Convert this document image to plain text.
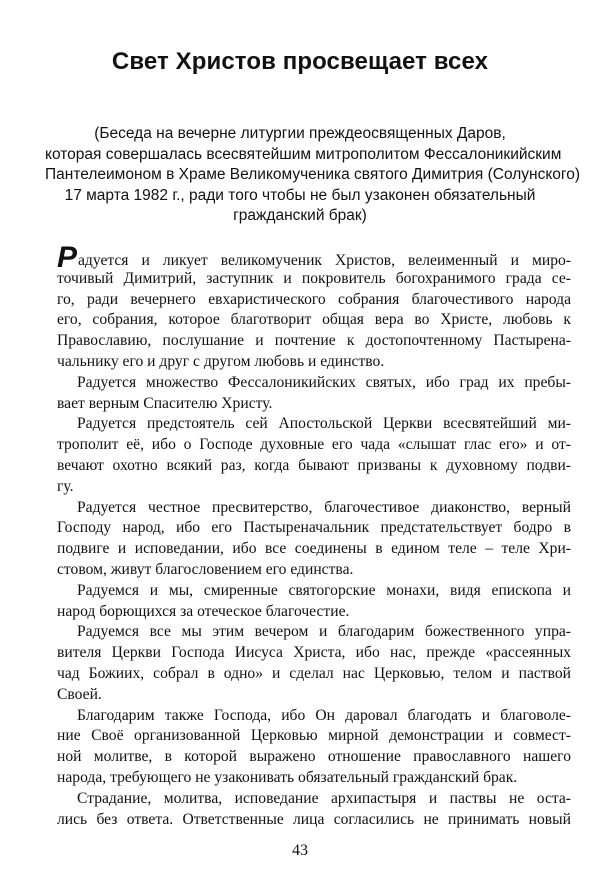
Свет Христов просвещает всех
(Беседа на вечерне литургии преждеосвященных Даров,
которая совершалась всесвятейшим митрополитом Фессалоникийским
Пантелеимоном в Храме Великомученика святого Димитрия (Солунского)
17 марта 1982 г., ради того чтобы не был узаконен обязательный
гражданский брак)
Радуется и ликует великомученик Христов, велеименный и миро-
точивый Димитрий, заступник и покровитель богохранимого града се-
го, ради вечернего евхаристического собрания благочестивого народа
его, собрания, которое благотворит общая вера во Христе, любовь к
Православию, послушание и почтение к достопочтенному Пастырена-
чальнику его и друг с другом любовь и единство.
Радуется множество Фессалоникийских святых, ибо град их пребы-
вает верным Спасителю Христу.
Радуется предстоятель сей Апостольской Церкви всесвятейший ми-
трополит её, ибо о Господе духовные его чада «слышат глас его» и от-
вечают охотно всякий раз, когда бывают призваны к духовному подви-
гу.
Радуется честное пресвитерство, благочестивое диаконство, верный
Господу народ, ибо его Пастыреначальник предстательствует бодро в
подвиге и исповедании, ибо все соединены в едином теле – теле Хри-
стовом, живут благословением его единства.
Радуемся и мы, смиренные святогорские монахи, видя епископа и
народ борющихся за отеческое благочестие.
Радуемся все мы этим вечером и благодарим божественного упра-
вителя Церкви Господа Иисуса Христа, ибо нас, прежде «рассеянных
чад Божиих, собрал в одно» и сделал нас Церковью, телом и паствой
Своей.
Благодарим также Господа, ибо Он даровал благодать и благоволе-
ние Своё организованной Церковью мирной демонстрации и совмест-
ной молитве, в которой выражено отношение православного нашего
народа, требующего не узаконивать обязательный гражданский брак.
Страдание, молитва, исповедание архипастыря и паствы не оста-
лись без ответа. Ответственные лица согласились не принимать новый

43
